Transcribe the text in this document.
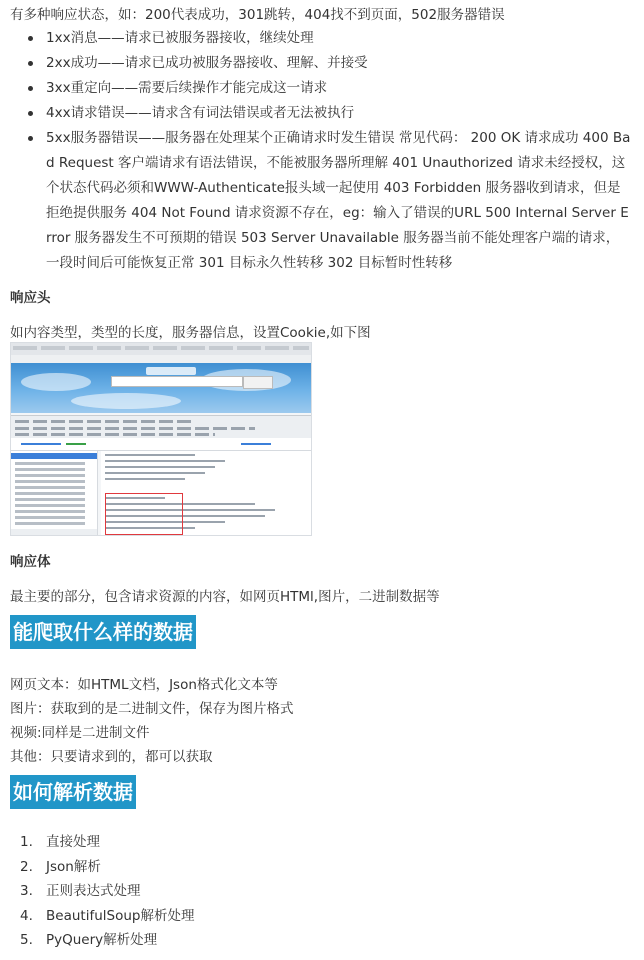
有多种响应状态，如：200代表成功，301跳转，404找不到页面，502服务器错误
1xx消息——请求已被服务器接收，继续处理
2xx成功——请求已成功被服务器接收、理解、并接受
3xx重定向——需要后续操作才能完成这一请求
4xx请求错误——请求含有词法错误或者无法被执行
5xx服务器错误——服务器在处理某个正确请求时发生错误 常见代码： 200 OK 请求成功 400 Bad Request 客户端请求有语法错误，不能被服务器所理解 401 Unauthorized 请求未经授权，这个状态代码必须和WWW-Authenticate报头域一起使用 403 Forbidden 服务器收到请求，但是拒绝提供服务 404 Not Found 请求资源不存在，eg：输入了错误的URL 500 Internal Server Error 服务器发生不可预期的错误 503 Server Unavailable 服务器当前不能处理客户端的请求，一段时间后可能恢复正常 301 目标永久性转移 302 目标暂时性转移
响应头
如内容类型，类型的长度，服务器信息，设置Cookie,如下图
响应体
最主要的部分，包含请求资源的内容，如网页HTMl,图片，二进制数据等
能爬取什么样的数据
网页文本：如HTML文档，Json格式化文本等
图片：获取到的是二进制文件，保存为图片格式
视频:同样是二进制文件
其他：只要请求到的，都可以获取
如何解析数据
1. 直接处理
2. Json解析
3. 正则表达式处理
4. BeautifulSoup解析处理
5. PyQuery解析处理
